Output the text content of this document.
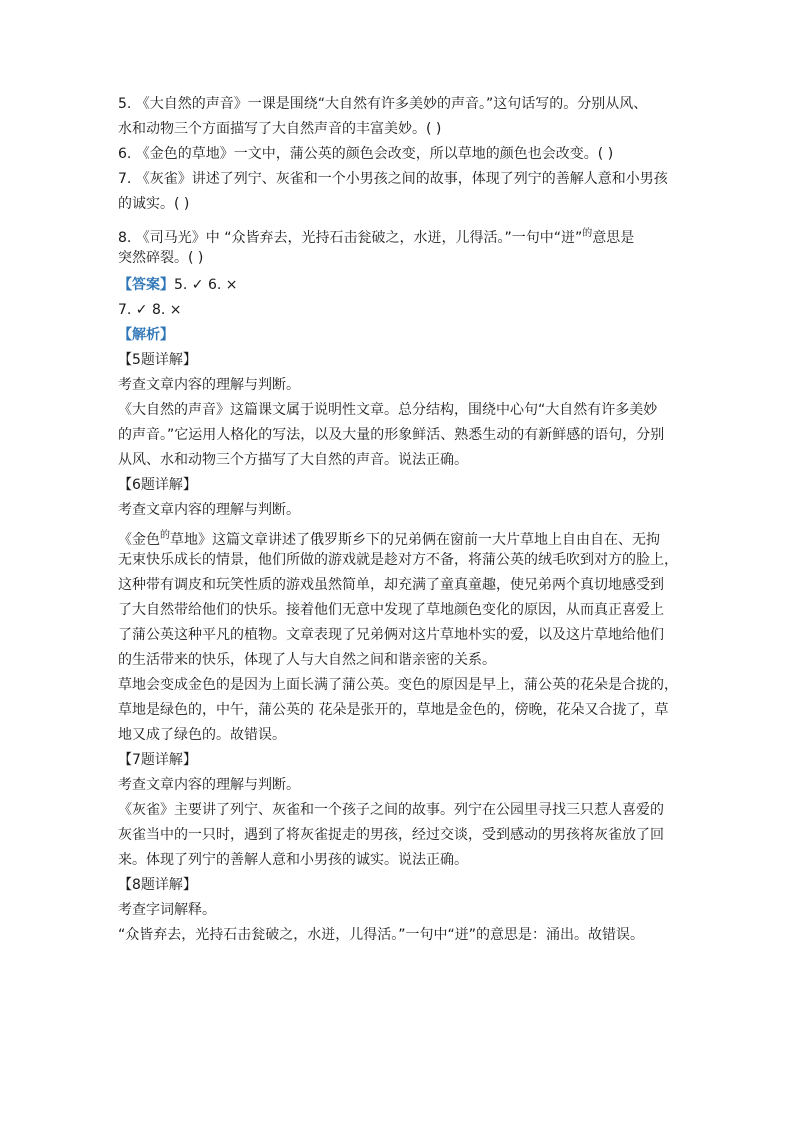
5. 《大自然的声音》一课是围绕“大自然有许多美妙的声音。”这句话写的。分别从风、
水和动物三个方面描写了大自然声音的丰富美妙。( )
6. 《金色的草地》一文中，蒲公英的颜色会改变，所以草地的颜色也会改变。( )
7. 《灰雀》讲述了列宁、灰雀和一个小男孩之间的故事，体现了列宁的善解人意和小男孩
的诚实。( )
8. 《司马光》中 “众皆弃去，光持石击瓮破之，水迸，儿得活。”一句中“迸”$^的$意思是
突然碎裂。( )
【答案】5. ✓ 6. ×
7. ✓ 8. ×
【解析】
【5题详解】
考查文章内容的理解与判断。
《大自然的声音》这篇课文属于说明性文章。总分结构，围绕中心句“大自然有许多美妙
的声音。”它运用人格化的写法，以及大量的形象鲜活、熟悉生动的有新鲜感的语句，分别
从风、水和动物三个方描写了大自然的声音。说法正确。
【6题详解】
考查文章内容的理解与判断。
《金色$^的$草地》这篇文章讲述了俄罗斯乡下的兄弟俩在窗前一大片草地上自由自在、无拘
无束快乐成长的情景，他们所做的游戏就是趁对方不备，将蒲公英的绒毛吹到对方的脸上，
这种带有调皮和玩笑性质的游戏虽然简单，却充满了童真童趣，使兄弟两个真切地感受到
了大自然带给他们的快乐。接着他们无意中发现了草地颜色变化的原因，从而真正喜爱上
了蒲公英这种平凡的植物。文章表现了兄弟俩对这片草地朴实的爱，以及这片草地给他们
的生活带来的快乐，体现了人与大自然之间和谐亲密的关系。
草地会变成金色的是因为上面长满了蒲公英。变色的原因是早上，蒲公英的花朵是合拢的，
草地是绿色的，中午，蒲公英的 花朵是张开的，草地是金色的，傍晚，花朵又合拢了，草
地又成了绿色的。故错误。
【7题详解】
考查文章内容的理解与判断。
《灰雀》主要讲了列宁、灰雀和一个孩子之间的故事。列宁在公园里寻找三只惹人喜爱的
灰雀当中的一只时，遇到了将灰雀捉走的男孩，经过交谈，受到感动的男孩将灰雀放了回
来。体现了列宁的善解人意和小男孩的诚实。说法正确。
【8题详解】
考查字词解释。
“众皆弃去，光持石击瓮破之，水迸，儿得活。”一句中“迸”的意思是：涌出。故错误。
